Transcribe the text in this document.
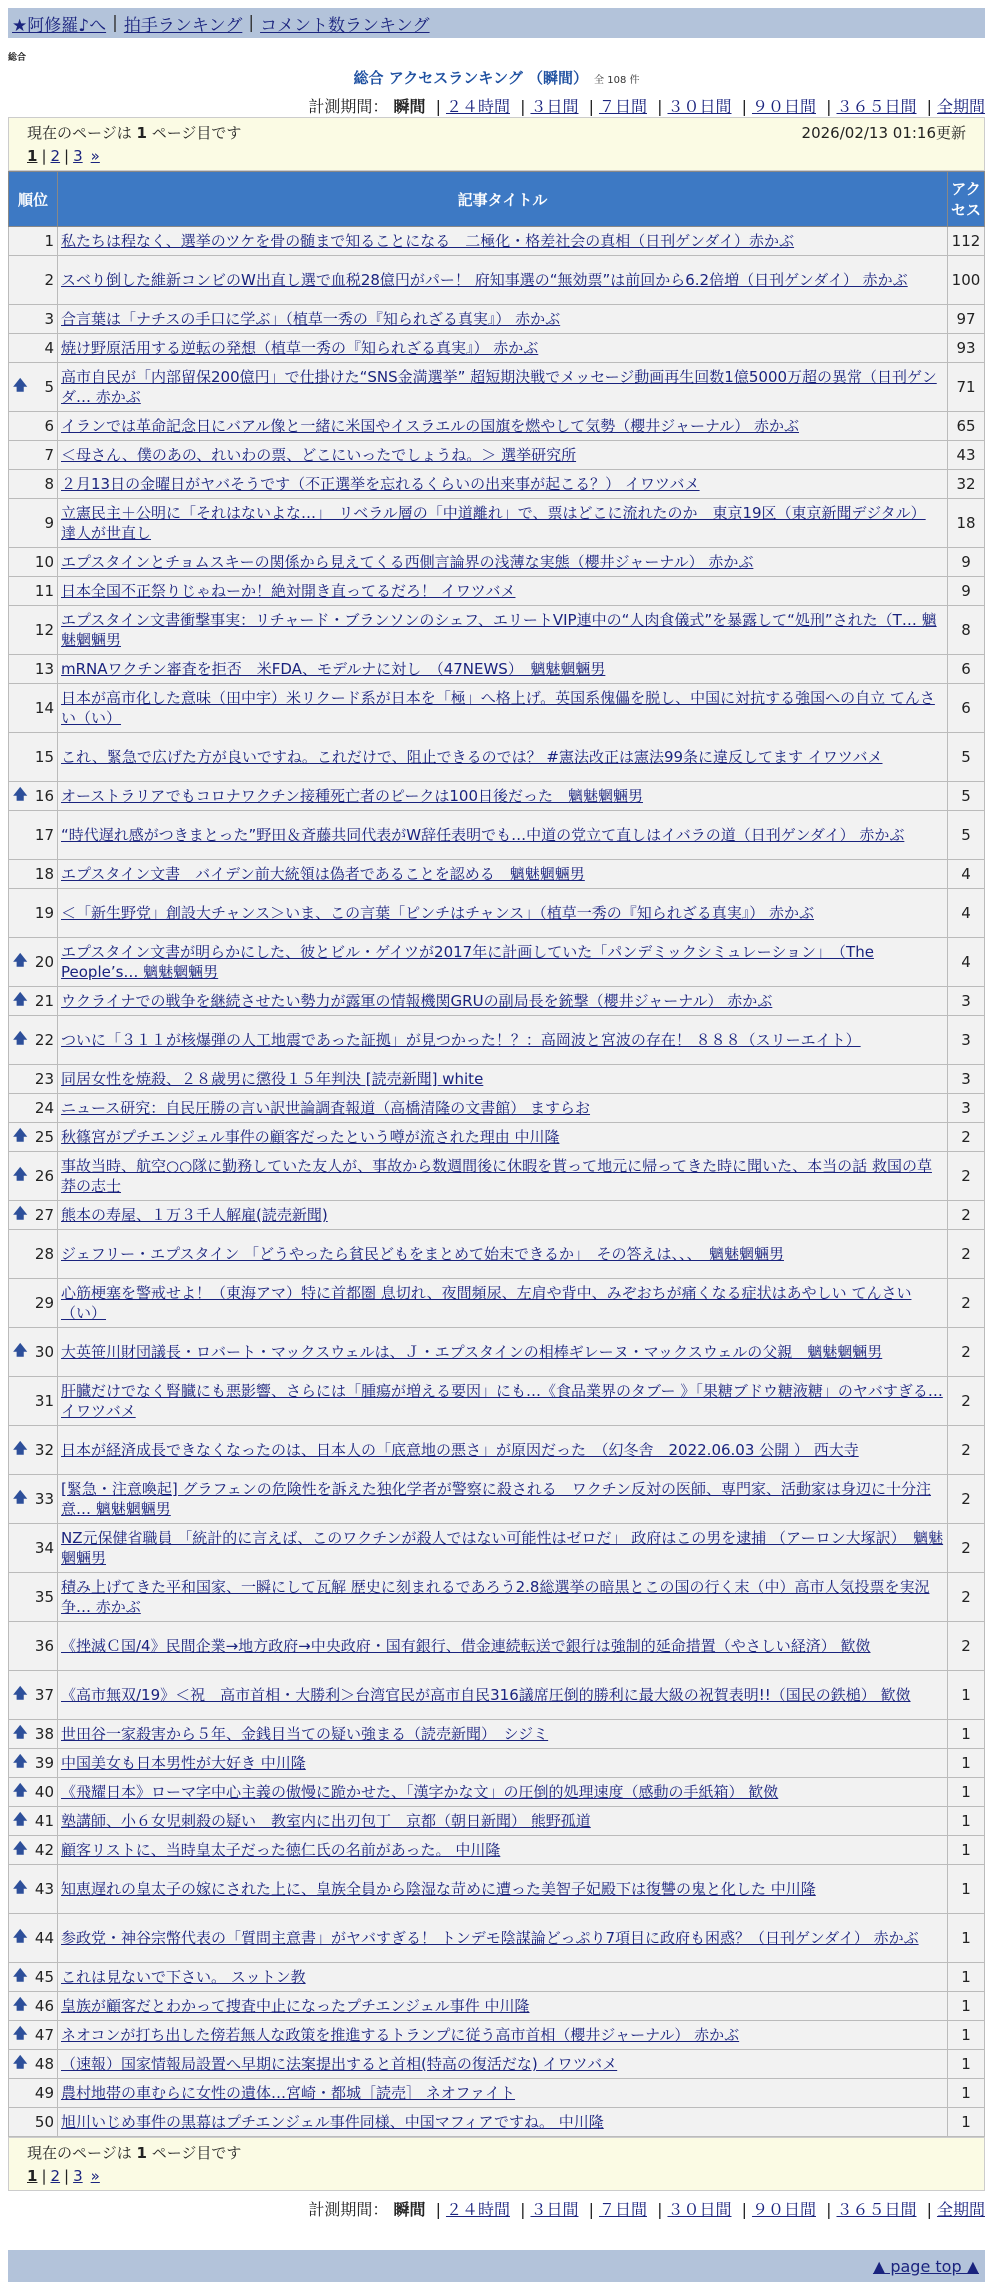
★阿修羅♪へ | 拍手ランキング | コメント数ランキング
総合
総合 アクセスランキング （瞬間） 全 108 件
計測期間： 瞬間 | ２４時間 | ３日間 | ７日間 | ３０日間 | ９０日間 | ３６５日間 | 全期間
現在のページは 1 ページ目です	2026/02/13 01:16更新
1 | 2 | 3 »
順位	記事タイトル	アクセス
1	私たちは程なく、選挙のツケを骨の髄まで知ることになる　二極化・格差社会の真相（日刊ゲンダイ）赤かぶ	112
2	スベり倒した維新コンビのW出直し選で血税28億円がパー！ 府知事選の“無効票”は前回から6.2倍増（日刊ゲンダイ） 赤かぶ	100
3	合言葉は「ナチスの手口に学ぶ」（植草一秀の『知られざる真実』） 赤かぶ	97
4	焼け野原活用する逆転の発想（植草一秀の『知られざる真実』） 赤かぶ	93

🡅 5	高市自民が「内部留保200億円」で仕掛けた“SNS金満選挙” 超短期決戦でメッセージ動画再生回数1億5000万超の異常（日刊ゲンダ… 赤かぶ	71
6	イランでは革命記念日にバアル像と一緒に米国やイスラエルの国旗を燃やして気勢（櫻井ジャーナル） 赤かぶ	65
7	＜母さん、僕のあの、れいわの票、どこにいったでしょうね。＞ 選挙研究所	43
8	２月13日の金曜日がヤバそうです（不正選挙を忘れるくらいの出来事が起こる？） イワツバメ	32
9	立憲民主＋公明に「それはないよな…」　リベラル層の「中道離れ」で、票はどこに流れたのか　東京19区（東京新聞デジタル） 達人が世直し	18
10	エプスタインとチョムスキーの関係から見えてくる西側言論界の浅薄な実態（櫻井ジャーナル） 赤かぶ	9
11	日本全国不正祭りじゃねーか！絶対開き直ってるだろ！ イワツバメ	9
12	エプスタイン文書衝撃事実：リチャード・ブランソンのシェフ、エリートVIP連中の“人肉食儀式”を暴露して“処刑”された（T… 魑魅魍魎男	8
13	mRNAワクチン審査を拒否　米FDA、モデルナに対し　（47NEWS）　魑魅魍魎男	6
14	日本が高市化した意味（田中宇）米リクード系が日本を「極」へ格上げ。英国系傀儡を脱し、中国に対抗する強国への自立 てんさい（い）	6
15	これ、緊急で広げた方が良いですね。これだけで、阻止できるのでは？ #憲法改正は憲法99条に違反してます イワツバメ	5

🡅 16	オーストラリアでもコロナワクチン接種死亡者のピークは100日後だった　魑魅魍魎男	5
17	“時代遅れ感がつきまとった”野田＆斉藤共同代表がW辞任表明でも…中道の党立て直しはイバラの道（日刊ゲンダイ） 赤かぶ	5
18	エプスタイン文書　バイデン前大統領は偽者であることを認める　魑魅魍魎男	4
19	＜「新生野党」創設大チャンス＞いま、この言葉「ピンチはチャンス」（植草一秀の『知られざる真実』） 赤かぶ	4

🡅 20	エプスタイン文書が明らかにした、彼とビル・ゲイツが2017年に計画していた「パンデミックシミュレーション」　（The People’s… 魑魅魍魎男	4

🡅 21	ウクライナでの戦争を継続させたい勢力が露軍の情報機関GRUの副局長を銃撃（櫻井ジャーナル） 赤かぶ	3

🡅 22	ついに「３１１が核爆弾の人工地震であった証拠」が見つかった！？：高岡波と宮波の存在！ ８８８（スリーエイト）	3
23	同居女性を焼殺、２８歳男に懲役１５年判決 [読売新聞] white	3
24	ニュース研究：自民圧勝の言い訳世論調査報道（高橋清隆の文書館） ますらお	3

🡅 25	秋篠宮がプチエンジェル事件の顧客だったという噂が流された理由 中川隆	2

🡅 26	事故当時、航空○○隊に勤務していた友人が、事故から数週間後に休暇を貰って地元に帰ってきた時に聞いた、本当の話 救国の草莽の志士	2

🡅 27	熊本の寿屋、１万３千人解雇(読売新聞)	2
28	ジェフリー・エプスタイン 「どうやったら貧民どもをまとめて始末できるか」　その答えは、、、　魑魅魍魎男	2
29	心筋梗塞を警戒せよ！（東海アマ）特に首都圏 息切れ、夜間頻尿、左肩や背中、みぞおちが痛くなる症状はあやしい てんさい（い）	2

🡅 30	大英笹川財団議長・ロバート・マックスウェルは、Ｊ・エプスタインの相棒ギレーヌ・マックスウェルの父親　魑魅魍魎男	2
31	肝臓だけでなく腎臓にも悪影響、さらには「腫瘍が増える要因」にも…《食品業界のタブー 》「果糖ブドウ糖液糖」のヤバすぎる… イワツバメ	2

🡅 32	日本が経済成長できなくなったのは、日本人の「底意地の悪さ」が原因だった　（幻冬舎　2022.06.03 公開 ） 西大寺	2

🡅 33	[緊急・注意喚起] グラフェンの危険性を訴えた独化学者が警察に殺される　ワクチン反対の医師、専門家、活動家は身辺に十分注意… 魑魅魍魎男	2
34	NZ元保健省職員 「統計的に言えば、このワクチンが殺人ではない可能性はゼロだ」 政府はこの男を逮捕 （アーロン大塚訳）　魑魅魍魎男	2
35	積み上げてきた平和国家、一瞬にして瓦解 歴史に刻まれるであろう2.8総選挙の暗黒とこの国の行く末（中）高市人気投票を実況争… 赤かぶ	2
36	《挫滅Ｃ国/4》民間企業→地方政府→中央政府・国有銀行、借金連続転送で銀行は強制的延命措置（やさしい経済） 歓傚	2

🡅 37	《高市無双/19》＜祝　高市首相・大勝利＞台湾官民が高市自民316議席圧倒的勝利に最大級の祝賀表明!!（国民の鉄槌） 歓傚	1

🡅 38	世田谷一家殺害から５年、金銭目当ての疑い強まる（読売新聞）　シジミ	1

🡅 39	中国美女も日本男性が大好き 中川隆	1

🡅 40	《飛耀日本》ローマ字中心主義の傲慢に跪かせた、「漢字かな文」の圧倒的処理速度（感動の手紙箱） 歓傚	1

🡅 41	塾講師、小６女児刺殺の疑い　教室内に出刃包丁　京都（朝日新聞） 熊野孤道	1

🡅 42	顧客リストに、当時皇太子だった徳仁氏の名前があった。 中川隆	1

🡅 43	知恵遅れの皇太子の嫁にされた上に、皇族全員から陰湿な苛めに遭った美智子妃殿下は復讐の鬼と化した 中川隆	1

🡅 44	参政党・神谷宗幣代表の「質問主意書」がヤバすぎる！ トンデモ陰謀論どっぷり7項目に政府も困惑？（日刊ゲンダイ） 赤かぶ	1

🡅 45	これは見ないで下さい。 スットン教	1

🡅 46	皇族が顧客だとわかって捜査中止になったプチエンジェル事件 中川隆	1

🡅 47	ネオコンが打ち出した傍若無人な政策を推進するトランプに従う高市首相（櫻井ジャーナル） 赤かぶ	1

🡅 48	（速報）国家情報局設置へ早期に法案提出すると首相(特高の復活だな) イワツバメ	1
49	農村地帯の車むらに女性の遺体…宮崎・都城［読売］ ネオファイト	1
50	旭川いじめ事件の黒幕はプチエンジェル事件同様、中国マフィアですね。 中川隆	1
現在のページは 1 ページ目です
1 | 2 | 3 »
計測期間： 瞬間 | ２４時間 | ３日間 | ７日間 | ３０日間 | ９０日間 | ３６５日間 | 全期間
▲ page top ▲
